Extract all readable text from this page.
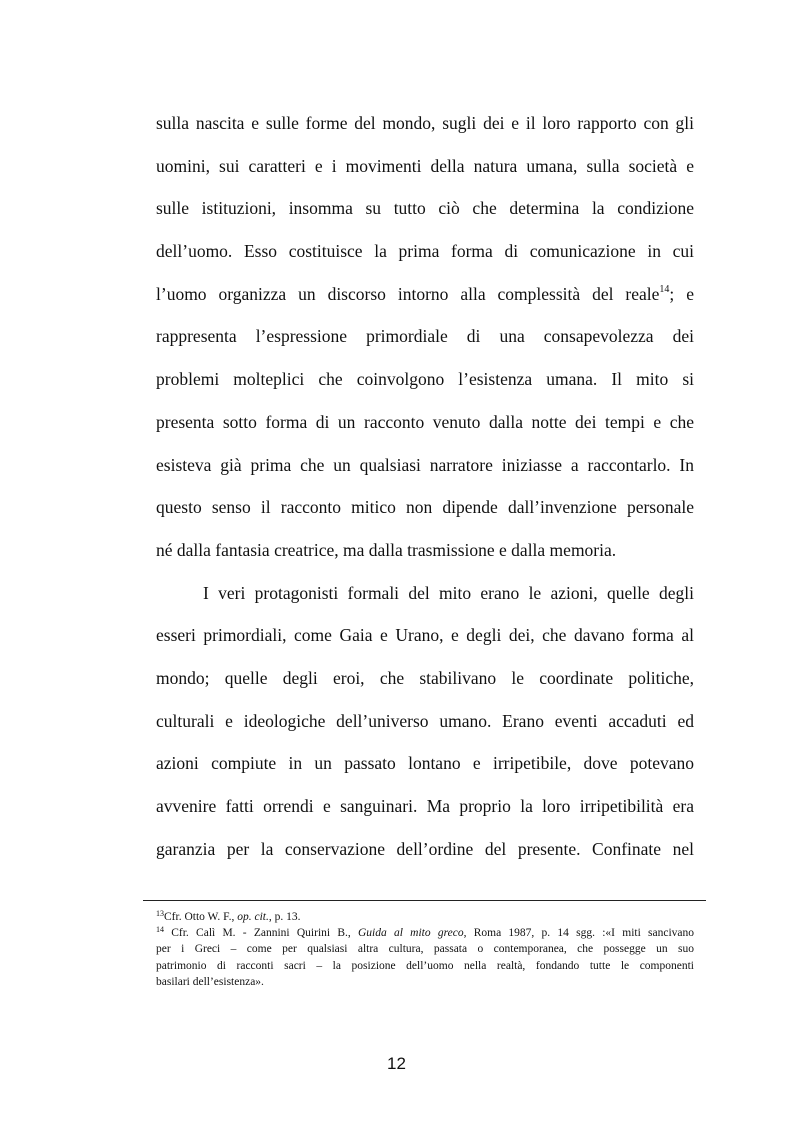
sulla nascita e sulle forme del mondo, sugli dei e il loro rapporto con gli
uomini, sui caratteri e i movimenti della natura umana, sulla società e
sulle istituzioni, insomma su tutto ciò che determina la condizione
dell’uomo. Esso costituisce la prima forma di comunicazione in cui
l’uomo organizza un discorso intorno alla complessità del reale$^{14}$; e
rappresenta l’espressione primordiale di una consapevolezza dei
problemi molteplici che coinvolgono l’esistenza umana. Il mito si
presenta sotto forma di un racconto venuto dalla notte dei tempi e che
esisteva già prima che un qualsiasi narratore iniziasse a raccontarlo. In
questo senso il racconto mitico non dipende dall’invenzione personale
né dalla fantasia creatrice, ma dalla trasmissione e dalla memoria.
I veri protagonisti formali del mito erano le azioni, quelle degli
esseri primordiali, come Gaia e Urano, e degli dei, che davano forma al
mondo; quelle degli eroi, che stabilivano le coordinate politiche,
culturali e ideologiche dell’universo umano. Erano eventi accaduti ed
azioni compiute in un passato lontano e irripetibile, dove potevano
avvenire fatti orrendi e sanguinari. Ma proprio la loro irripetibilità era
garanzia per la conservazione dell’ordine del presente. Confinate nel
$^{13}$Cfr. Otto W. F., op. cit., p. 13.
$^{14}$ Cfr. Calì M. - Zannini Quirini B., Guida al mito greco, Roma 1987, p. 14 sgg. :«I miti sancivano
per i Greci – come per qualsiasi altra cultura, passata o contemporanea, che possegge un suo
patrimonio di racconti sacri – la posizione dell’uomo nella realtà, fondando tutte le componenti
basilari dell’esistenza».
12
